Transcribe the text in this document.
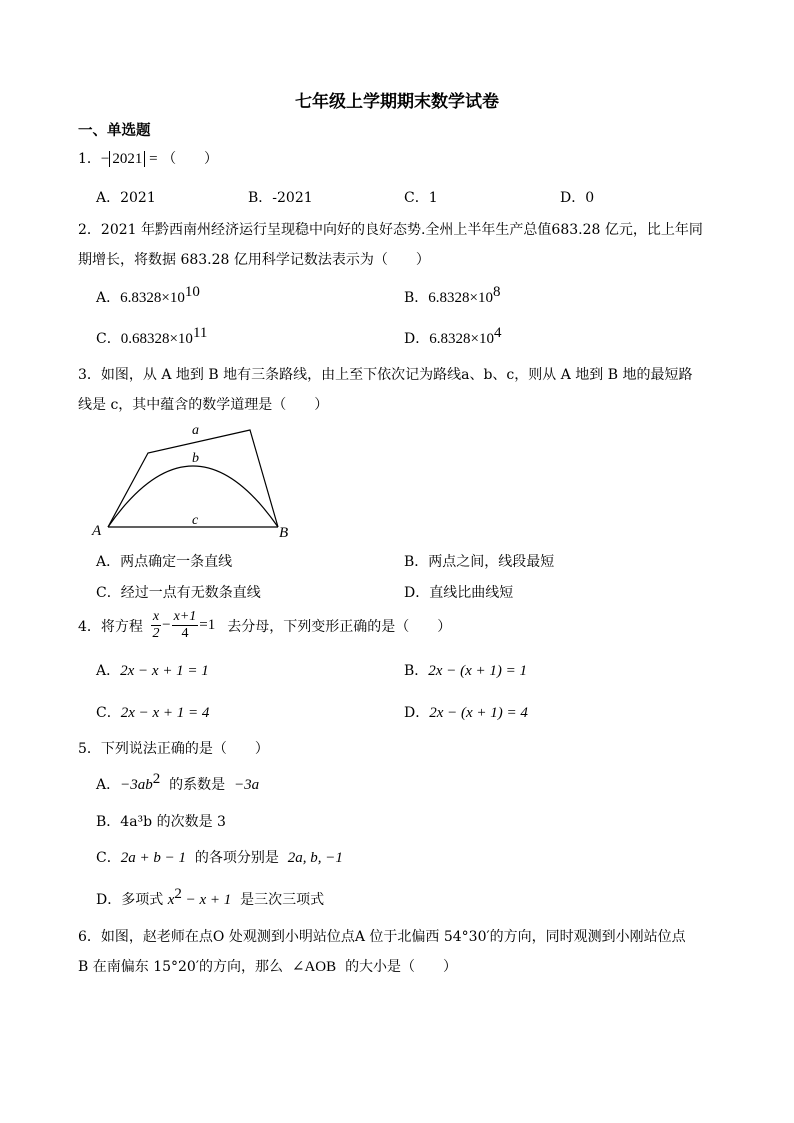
七年级上学期期末数学试卷
一、单选题
1．− 2021 = （　　）
A．2021	B．-2021	C．1	D．0
2．2021 年黔西南州经济运行呈现稳中向好的良好态势.全州上半年生产总值683.28 亿元，比上年同
期增长，将数据 683.28 亿用科学记数法表示为（　　）
A．$6.8328\times 10^{10}$	B．$6.8328\times 10^8$
C．$0.68328\times 10^{11}$	D．$6.8328\times 10^4$
3．如图，从 A 地到 B 地有三条路线，由上至下依次记为路线a、b、c，则从 A 地到 B 地的最短路
线是 c，其中蕴含的数学道理是（　　）
a
b
c
A	B
A．两点确定一条直线	B．两点之间，线段最短
C．经过一点有无数条直线	D．直线比曲线短
4．将方程 $\frac{x}{2} - \frac{x+1}{4} =1$ 去分母，下列变形正确的是（　　）
A．2x − x + 1 = 1	B．2x − (x + 1) = 1
C．2x − x + 1 = 4	D．2x − (x + 1) = 4
5．下列说法正确的是（　　）
A．$-3ab^2$ 的系数是 −3a
B．4a³b 的次数是 3
C．2a + b − 1 的各项分别是 2a, b, −1
D．多项式 $x^2 - x + 1$ 是三次三项式
6．如图，赵老师在点O 处观测到小明站位点A 位于北偏西 54°30′的方向，同时观测到小刚站位点
B 在南偏东 15°20′的方向，那么 ∠AOB 的大小是（　　）
